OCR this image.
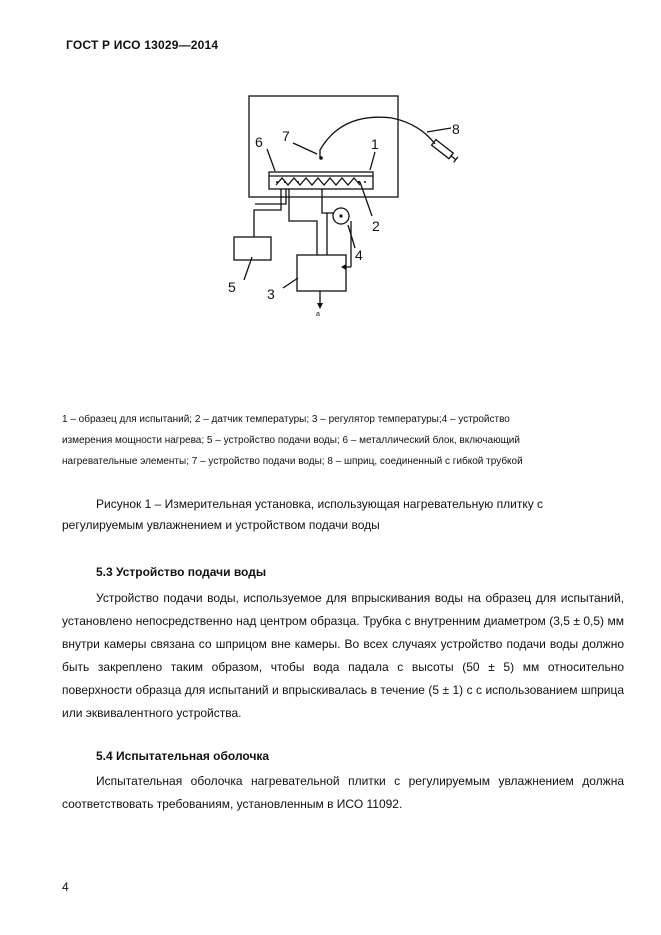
ГОСТ Р ИСО 13029—2014
1
2
3
4
5
6 7	8
a

1 – образец для испытаний; 2 – датчик температуры; 3 – регулятор температуры;4 – устройство

измерения мощности нагрева; 5 – устройство подачи воды; 6 – металлический блок, включающий

нагревательные элементы; 7 – устройство подачи воды; 8 – шприц, соединенный с гибкой трубкой

Рисунок 1 – Измерительная установка, использующая нагревательную плитку с
регулируемым увлажнением и устройством подачи воды
5.3 Устройство подачи воды

Устройство подачи воды, используемое для впрыскивания воды на образец для испытаний, установлено непосредственно над центром образца. Трубка с внутренним диаметром (3,5 ± 0,5) мм внутри камеры связана со шприцом вне камеры. Во всех случаях устройство подачи воды должно быть закреплено таким образом, чтобы вода падала с высоты (50 ± 5) мм относительно поверхности образца для испытаний и впрыскивалась в течение (5 ± 1) с с использованием шприца или эквивалентного устройства.

5.4 Испытательная оболочка

Испытательная оболочка нагревательной плитки с регулируемым увлажнением должна соответствовать требованиям, установленным в ИСО 11092.

4
